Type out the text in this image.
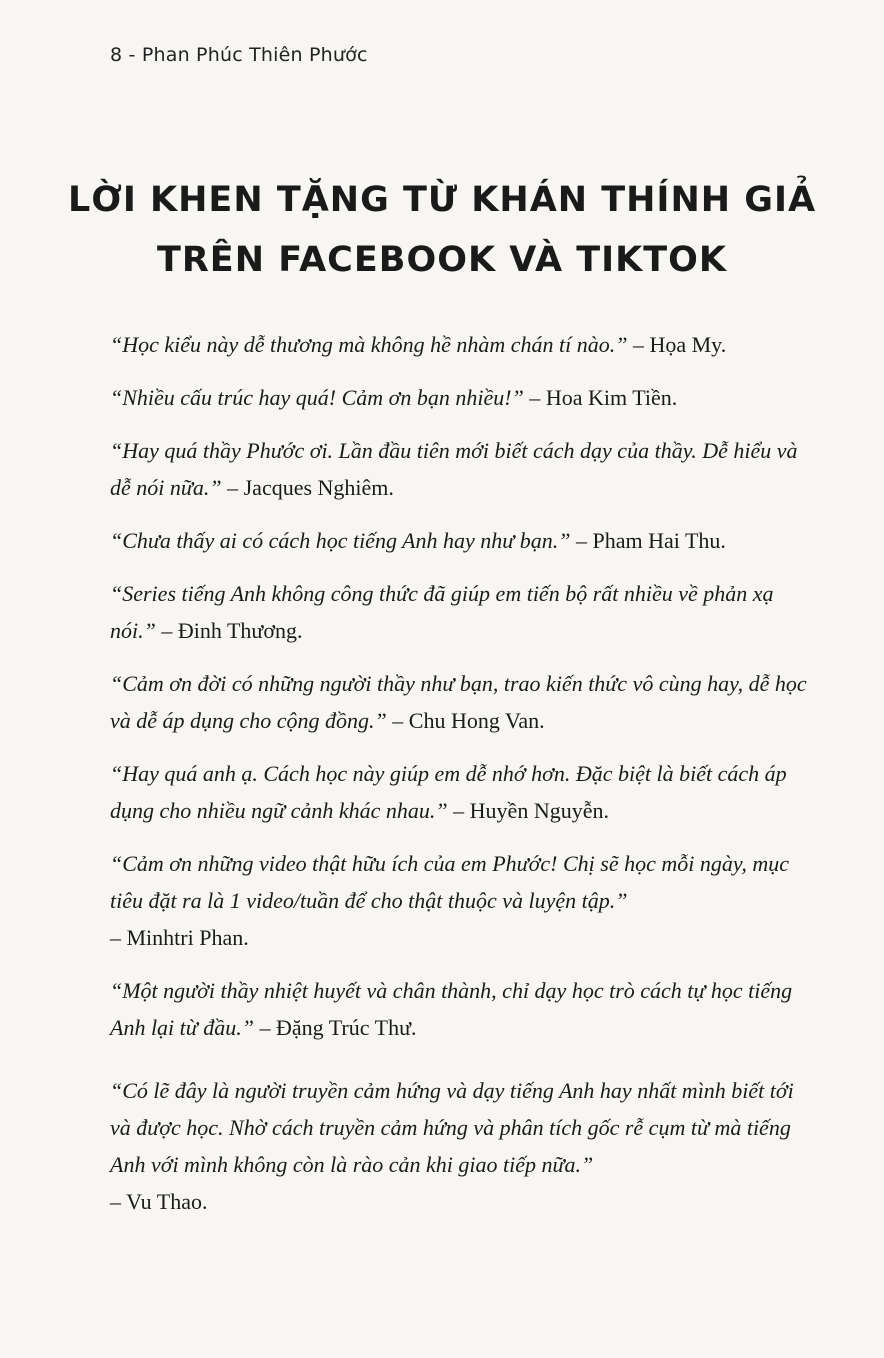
8 - Phan Phúc Thiên Phước
LỜI KHEN TẶNG TỪ KHÁN THÍNH GIẢ
TRÊN FACEBOOK VÀ TIKTOK

“Học kiểu này dễ thương mà không hề nhàm chán tí nào.” – Họa My.

“Nhiều cấu trúc hay quá! Cảm ơn bạn nhiều!” – Hoa Kim Tiền.

“Hay quá thầy Phước ơi. Lần đầu tiên mới biết cách dạy của thầy. Dễ hiểu và dễ nói nữa.” – Jacques Nghiêm.

“Chưa thấy ai có cách học tiếng Anh hay như bạn.” – Pham Hai Thu.

“Series tiếng Anh không công thức đã giúp em tiến bộ rất nhiều về phản xạ nói.” – Đinh Thương.

“Cảm ơn đời có những người thầy như bạn, trao kiến thức vô cùng hay, dễ học và dễ áp dụng cho cộng đồng.” – Chu Hong Van.

“Hay quá anh ạ. Cách học này giúp em dễ nhớ hơn. Đặc biệt là biết cách áp dụng cho nhiều ngữ cảnh khác nhau.” – Huyền Nguyễn.

“Cảm ơn những video thật hữu ích của em Phước! Chị sẽ học mỗi ngày, mục tiêu đặt ra là 1 video/tuần để cho thật thuộc và luyện tập.”
– Minhtri Phan.

“Một người thầy nhiệt huyết và chân thành, chỉ dạy học trò cách tự học tiếng Anh lại từ đầu.” – Đặng Trúc Thư.

“Có lẽ đây là người truyền cảm hứng và dạy tiếng Anh hay nhất mình biết tới và được học. Nhờ cách truyền cảm hứng và phân tích gốc rễ cụm từ mà tiếng Anh với mình không còn là rào cản khi giao tiếp nữa.”
– Vu Thao.
